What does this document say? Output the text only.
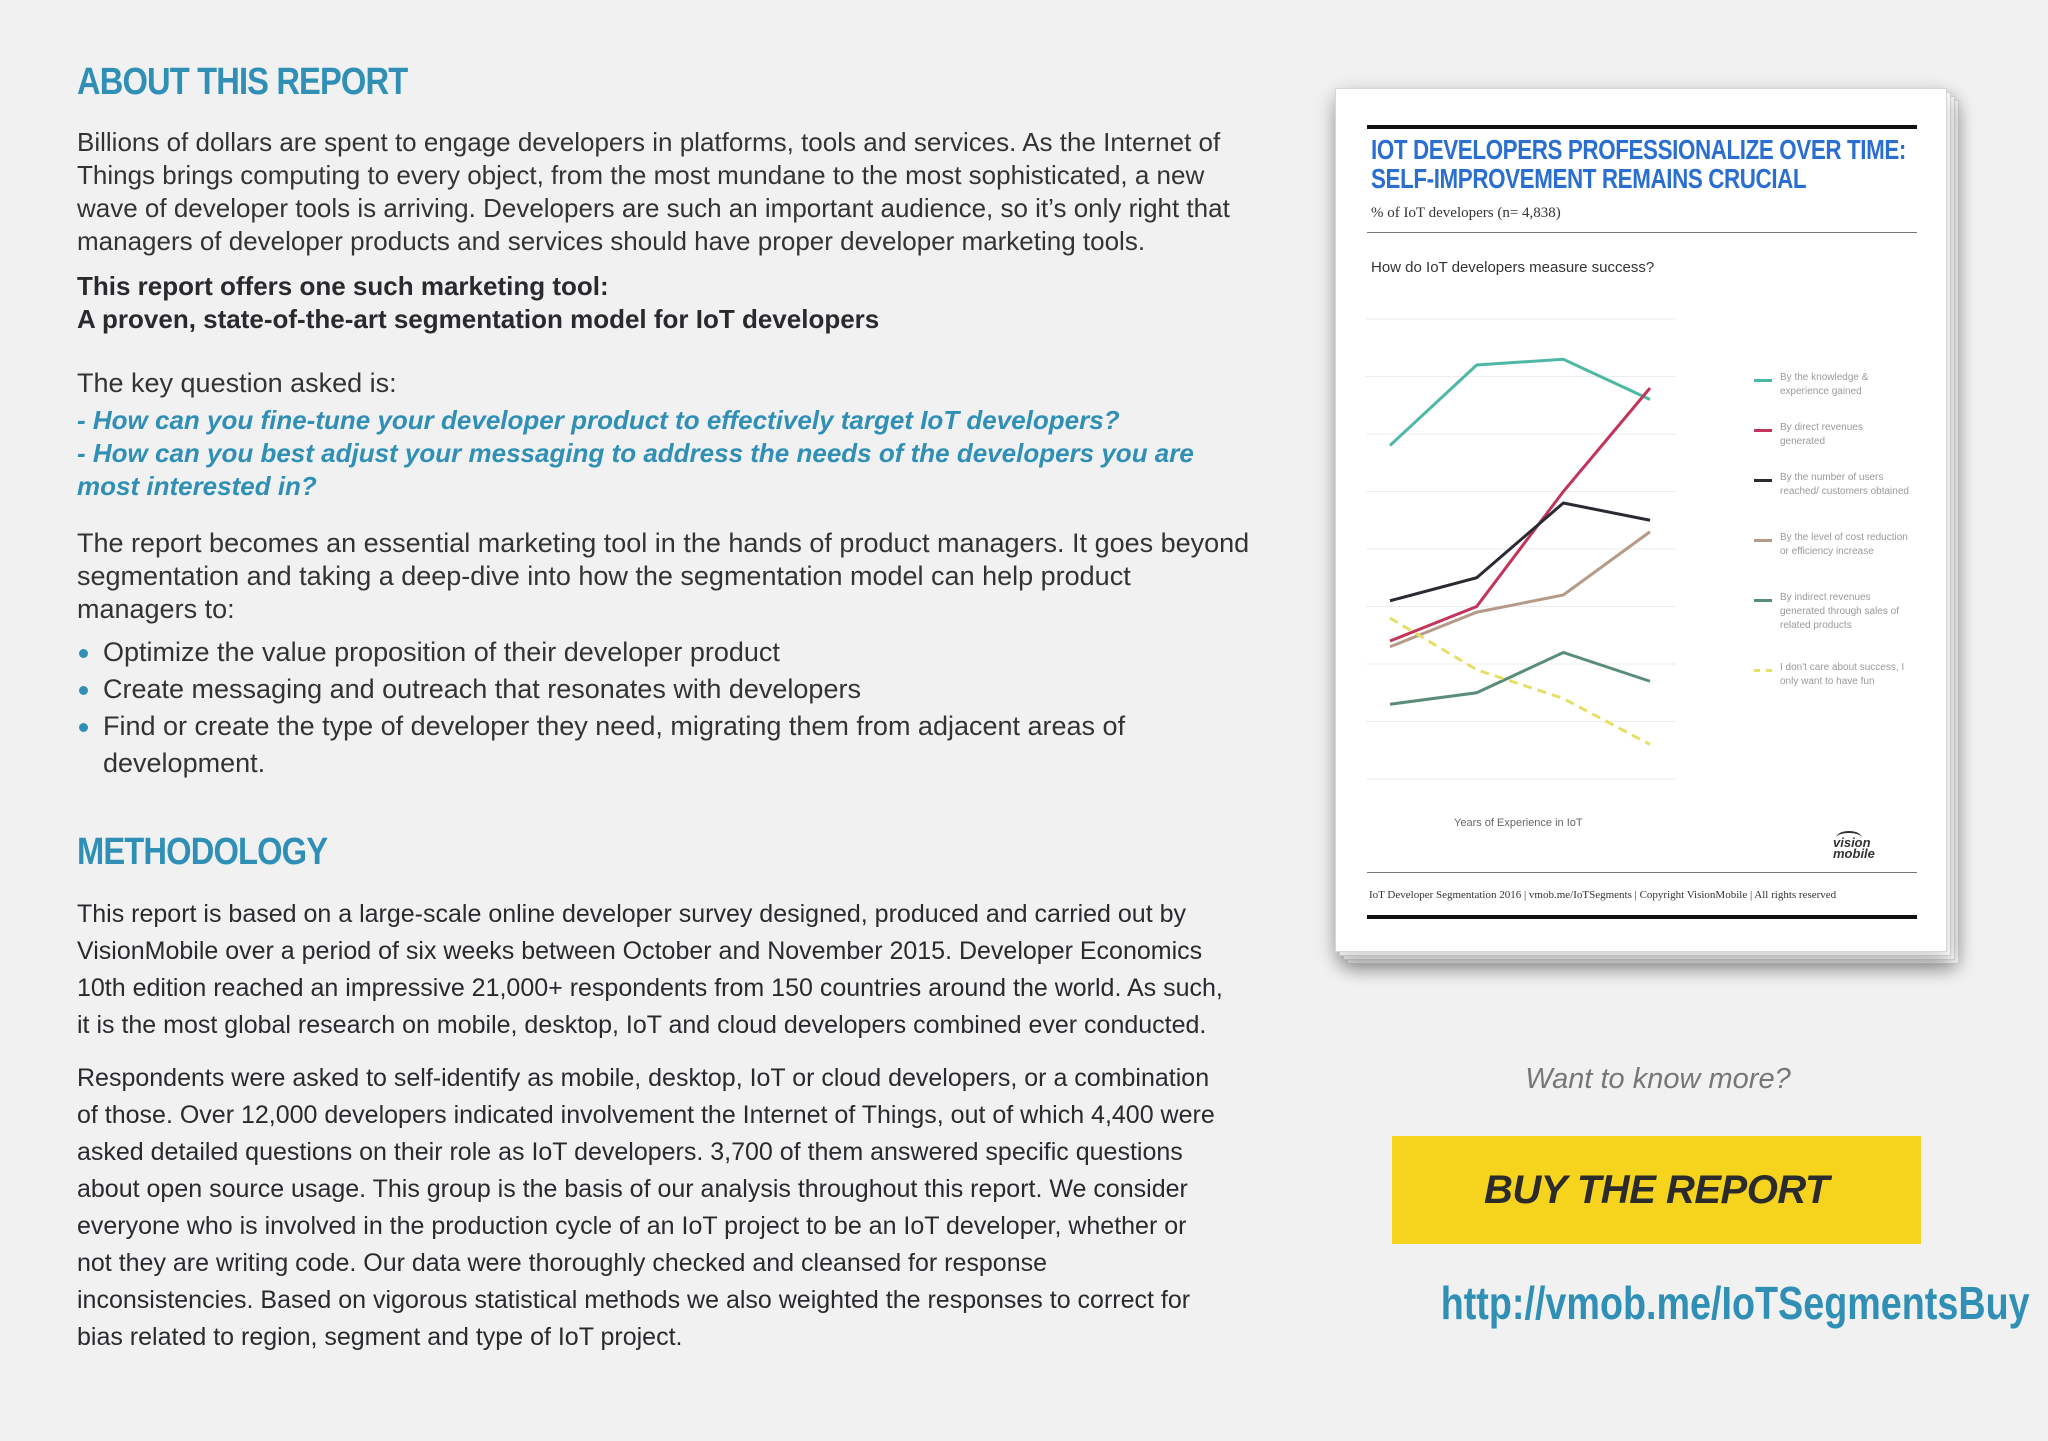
ABOUT THIS REPORT

Billions of dollars are spent to engage developers in platforms, tools and services. As the Internet of Things brings computing to every object, from the most mundane to the most sophisticated, a new wave of developer tools is arriving. Developers are such an important audience, so it’s only right that managers of developer products and services should have proper developer marketing tools.

This report offers one such marketing tool:
A proven, state-of-the-art segmentation model for IoT developers

The key question asked is:

- How can you fine-tune your developer product to effectively target IoT developers?

- How can you best adjust your messaging to address the needs of the developers you are most interested in?

The report becomes an essential marketing tool in the hands of product managers. It goes beyond segmentation and taking a deep-dive into how the segmentation model can help product managers to:

Optimize the value proposition of their developer product
Create messaging and outreach that resonates with developers
Find or create the type of developer they need, migrating them from adjacent areas of development.
METHODOLOGY

This report is based on a large-scale online developer survey designed, produced and carried out by VisionMobile over a period of six weeks between October and November 2015. Developer Economics 10th edition reached an impressive 21,000+ respondents from 150 countries around the world. As such, it is the most global research on mobile, desktop, IoT and cloud developers combined ever conducted.

Respondents were asked to self-identify as mobile, desktop, IoT or cloud developers, or a combination of those. Over 12,000 developers indicated involvement the Internet of Things, out of which 4,400 were asked detailed questions on their role as IoT developers. 3,700 of them answered specific questions about open source usage. This group is the basis of our analysis throughout this report. We consider everyone who is involved in the production cycle of an IoT project to be an IoT developer, whether or not they are writing code. Our data were thoroughly checked and cleansed for response inconsistencies. Based on vigorous statistical methods we also weighted the responses to correct for bias related to region, segment and type of IoT project.

IOT DEVELOPERS PROFESSIONALIZE OVER TIME:
SELF-IMPROVEMENT REMAINS CRUCIAL
% of IoT developers (n= 4,838)
How do IoT developers measure success?
By the knowledge & experience gained
By direct revenues generated
By the number of users reached/ customers obtained
By the level of cost reduction or efficiency increase
By indirect revenues generated through sales of related products
I don't care about success, I only want to have fun
Years of Experience in IoT
vision mobile
IoT Developer Segmentation 2016 | vmob.me/IoTSegments | Copyright VisionMobile | All rights reserved
Want to know more?
BUY THE REPORT
http://vmob.me/IoTSegmentsBuy
